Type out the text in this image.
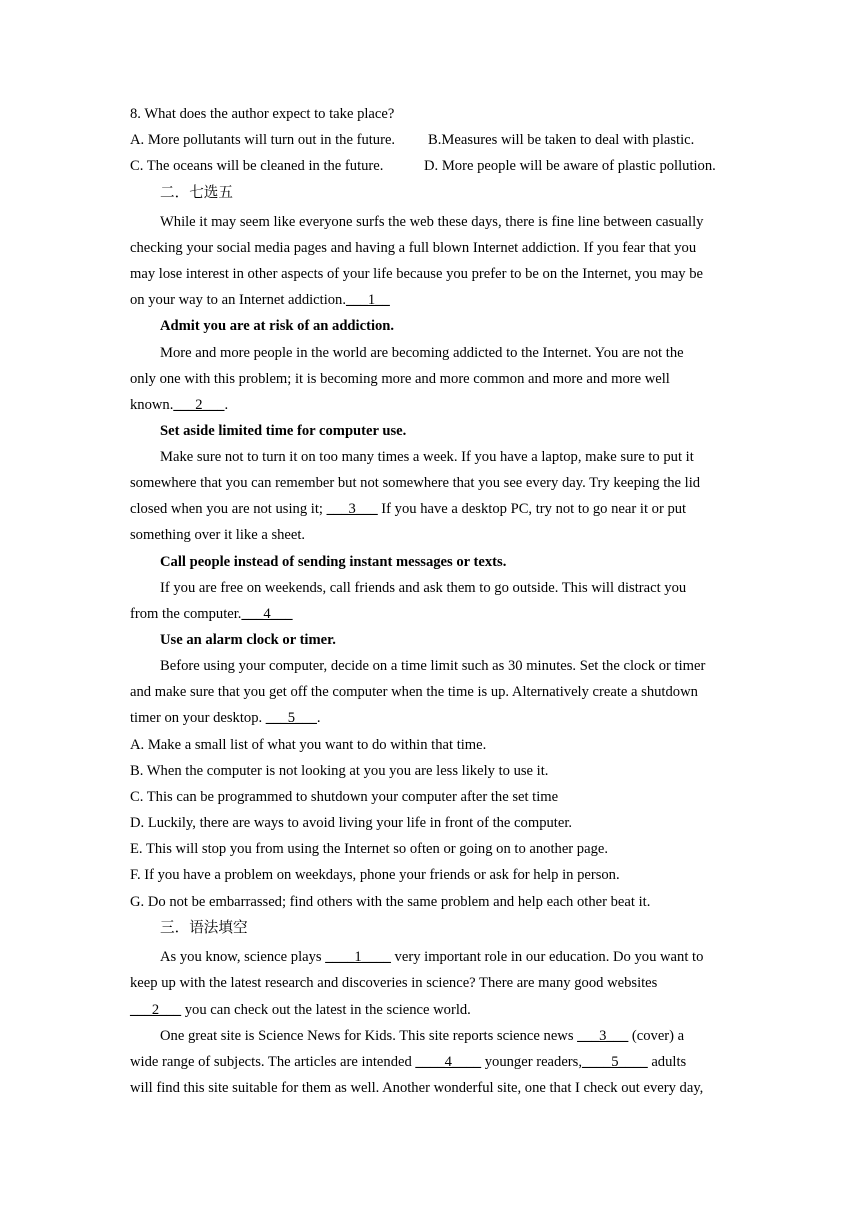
8. What does the author expect to take place?
A. More pollutants will turn out in the future. B.Measures will be taken to deal with plastic.
C. The oceans will be cleaned in the future.	D. More people will be aware of plastic pollution.
二．七选五
While it may seem like everyone surfs the web these days, there is fine line between casually
checking your social media pages and having a full blown Internet addiction. If you fear that you
may lose interest in other aspects of your life because you prefer to be on the Internet, you may be
on your way to an Internet addiction.___1__
Admit you are at risk of an addiction.
More and more people in the world are becoming addicted to the Internet. You are not the
only one with this problem; it is becoming more and more common and more and more well
known.___2___.
Set aside limited time for computer use.
Make sure not to turn it on too many times a week. If you have a laptop, make sure to put it
somewhere that you can remember but not somewhere that you see every day. Try keeping the lid
closed when you are not using it; ___3___ If you have a desktop PC, try not to go near it or put
something over it like a sheet.
Call people instead of sending instant messages or texts.
If you are free on weekends, call friends and ask them to go outside. This will distract you
from the computer.___4___
Use an alarm clock or timer.
Before using your computer, decide on a time limit such as 30 minutes. Set the clock or timer
and make sure that you get off the computer when the time is up. Alternatively create a shutdown
timer on your desktop. ___5___.
A. Make a small list of what you want to do within that time.
B. When the computer is not looking at you you are less likely to use it.
C. This can be programmed to shutdown your computer after the set time
D. Luckily, there are ways to avoid living your life in front of the computer.
E. This will stop you from using the Internet so often or going on to another page.
F. If you have a problem on weekdays, phone your friends or ask for help in person.
G. Do not be embarrassed; find others with the same problem and help each other beat it.
三．语法填空
As you know, science plays ____1____ very important role in our education. Do you want to
keep up with the latest research and discoveries in science? There are many good websites
___2___ you can check out the latest in the science world.
One great site is Science News for Kids. This site reports science news ___3___ (cover) a
wide range of subjects. The articles are intended ____4____ younger readers,____5____ adults
will find this site suitable for them as well. Another wonderful site, one that I check out every day,
